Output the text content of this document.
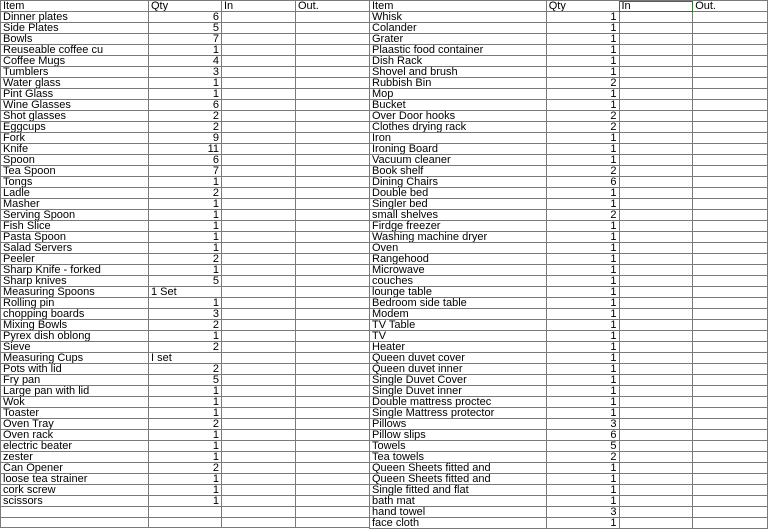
Item	Qty	In	Out.
Dinner plates	6		
Side Plates	5		
Bowls	7		
Reuseable coffee cu	1		
Coffee Mugs	4		
Tumblers	3		
Water glass	1		
Pint Glass	1		
Wine Glasses	6		
Shot glasses	2		
Eggcups	2		
Fork	9		
Knife	11		
Spoon	6		
Tea Spoon	7		
Tongs	1		
Ladle	2		
Masher	1		
Serving Spoon	1		
Fish Slice	1		
Pasta Spoon	1		
Salad Servers	1		
Peeler	2		
Sharp Knife - forked	1		
Sharp knives	5		
Measuring Spoons	1 Set		
Rolling pin	1		
chopping boards	3		
Mixing Bowls	2		
Pyrex dish oblong	1		
Sieve	2		
Measuring Cups	I set		
Pots with lid	2		
Fry pan	5		
Large pan with lid	1		
Wok	1		
Toaster	1		
Oven Tray	2		
Oven rack	1		
electric beater	1		
zester	1		
Can Opener	2		
loose tea strainer	1		
cork screw	1		
scissors	1		

Item	Qty	In	Out.
Whisk	1		
Colander	1		
Grater	1		
Plaastic food container	1		
Dish Rack	1		
Shovel and brush	1		
Rubbish Bin	2		
Mop	1		
Bucket	1		
Over Door hooks	2		
Clothes drying rack	2		
Iron	1		
Ironing Board	1		
Vacuum cleaner	1		
Book shelf	2		
Dining Chairs	6		
Double bed	1		
Singler bed	1		
small shelves	2		
Firdge freezer	1		
Washing machine dryer	1		
Oven	1		
Rangehood	1		
Microwave	1		
couches	1		
lounge table	1		
Bedroom side table	1		
Modem	1		
TV Table	1		
TV	1		
Heater	1		
Queen duvet cover	1		
Queen duvet inner	1		
Single Duvet Cover	1		
Single Duvet inner	1		
Double mattress proctec	1		
Single Mattress protector	1		
Pillows	3		
Pillow slips	6		
Towels	5		
Tea towels	2		
Queen Sheets fitted and	1		
Queen Sheets fitted and	1		
Single fitted and flat	1		
bath mat	1		
hand towel	3		
face cloth	1		
